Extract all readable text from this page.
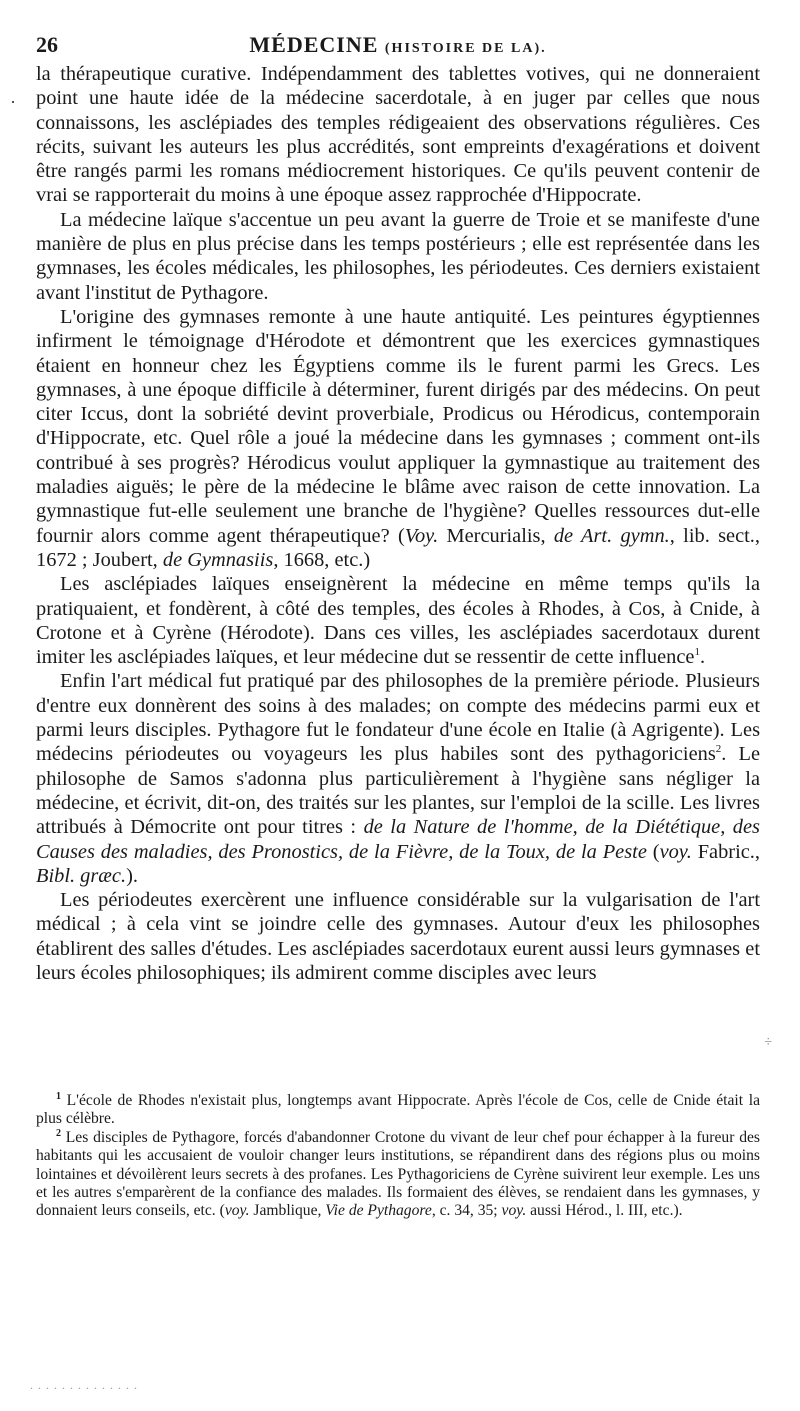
26	MÉDECINE (HISTOIRE DE LA).
·

la thérapeutique curative. Indépendamment des tablettes votives, qui ne donneraient point une haute idée de la médecine sacerdotale, à en juger par celles que nous connaissons, les asclépiades des temples rédigeaient des observations régulières. Ces récits, suivant les auteurs les plus accrédités, sont empreints d'exagérations et doivent être rangés parmi les romans médiocrement historiques. Ce qu'ils peuvent contenir de vrai se rapporterait du moins à une époque assez rapprochée d'Hippocrate.

La médecine laïque s'accentue un peu avant la guerre de Troie et se manifeste d'une manière de plus en plus précise dans les temps postérieurs ; elle est représentée dans les gymnases, les écoles médicales, les philosophes, les périodeutes. Ces derniers existaient avant l'institut de Pythagore.

L'origine des gymnases remonte à une haute antiquité. Les peintures égyptiennes infirment le témoignage d'Hérodote et démontrent que les exercices gymnastiques étaient en honneur chez les Égyptiens comme ils le furent parmi les Grecs. Les gymnases, à une époque difficile à déterminer, furent dirigés par des médecins. On peut citer Iccus, dont la sobriété devint proverbiale, Prodicus ou Hérodicus, contemporain d'Hippocrate, etc. Quel rôle a joué la médecine dans les gymnases ; comment ont-ils contribué à ses progrès? Hérodicus voulut appliquer la gymnastique au traitement des maladies aiguës; le père de la médecine le blâme avec raison de cette innovation. La gymnastique fut-elle seulement une branche de l'hygiène? Quelles ressources dut-elle fournir alors comme agent thérapeutique? (Voy. Mercurialis, de Art. gymn., lib. sect., 1672 ; Joubert, de Gymnasiis, 1668, etc.)

Les asclépiades laïques enseignèrent la médecine en même temps qu'ils la pratiquaient, et fondèrent, à côté des temples, des écoles à Rhodes, à Cos, à Cnide, à Crotone et à Cyrène (Hérodote). Dans ces villes, les asclépiades sacerdotaux durent imiter les asclépiades laïques, et leur médecine dut se ressentir de cette influence$^1$.

Enfin l'art médical fut pratiqué par des philosophes de la première période. Plusieurs d'entre eux donnèrent des soins à des malades; on compte des médecins parmi eux et parmi leurs disciples. Pythagore fut le fondateur d'une école en Italie (à Agrigente). Les médecins périodeutes ou voyageurs les plus habiles sont des pythagoriciens$^2$. Le philosophe de Samos s'adonna plus particulièrement à l'hygiène sans négliger la médecine, et écrivit, dit-on, des traités sur les plantes, sur l'emploi de la scille. Les livres attribués à Démocrite ont pour titres : de la Nature de l'homme, de la Diététique, des Causes des maladies, des Pronostics, de la Fièvre, de la Toux, de la Peste (voy. Fabric., Bibl. græc.).

Les périodeutes exercèrent une influence considérable sur la vulgarisation de l'art médical ; à cela vint se joindre celle des gymnases. Autour d'eux les philosophes établirent des salles d'études. Les asclépiades sacerdotaux eurent aussi leurs gymnases et leurs écoles philosophiques; ils admirent comme disciples avec leurs

÷

$^1$ L'école de Rhodes n'existait plus, longtemps avant Hippocrate. Après l'école de Cos, celle de Cnide était la plus célèbre.

$^2$ Les disciples de Pythagore, forcés d'abandonner Crotone du vivant de leur chef pour échapper à la fureur des habitants qui les accusaient de vouloir changer leurs institutions, se répandirent dans des régions plus ou moins lointaines et dévoilèrent leurs secrets à des profanes. Les Pythagoriciens de Cyrène suivirent leur exemple. Les uns et les autres s'emparèrent de la confiance des malades. Ils formaient des élèves, se rendaient dans les gymnases, y donnaient leurs conseils, etc. (voy. Jamblique, Vie de Pythagore, c. 34, 35; voy. aussi Hérod., l. III, etc.).

. . . . . . . . . . . . . .
